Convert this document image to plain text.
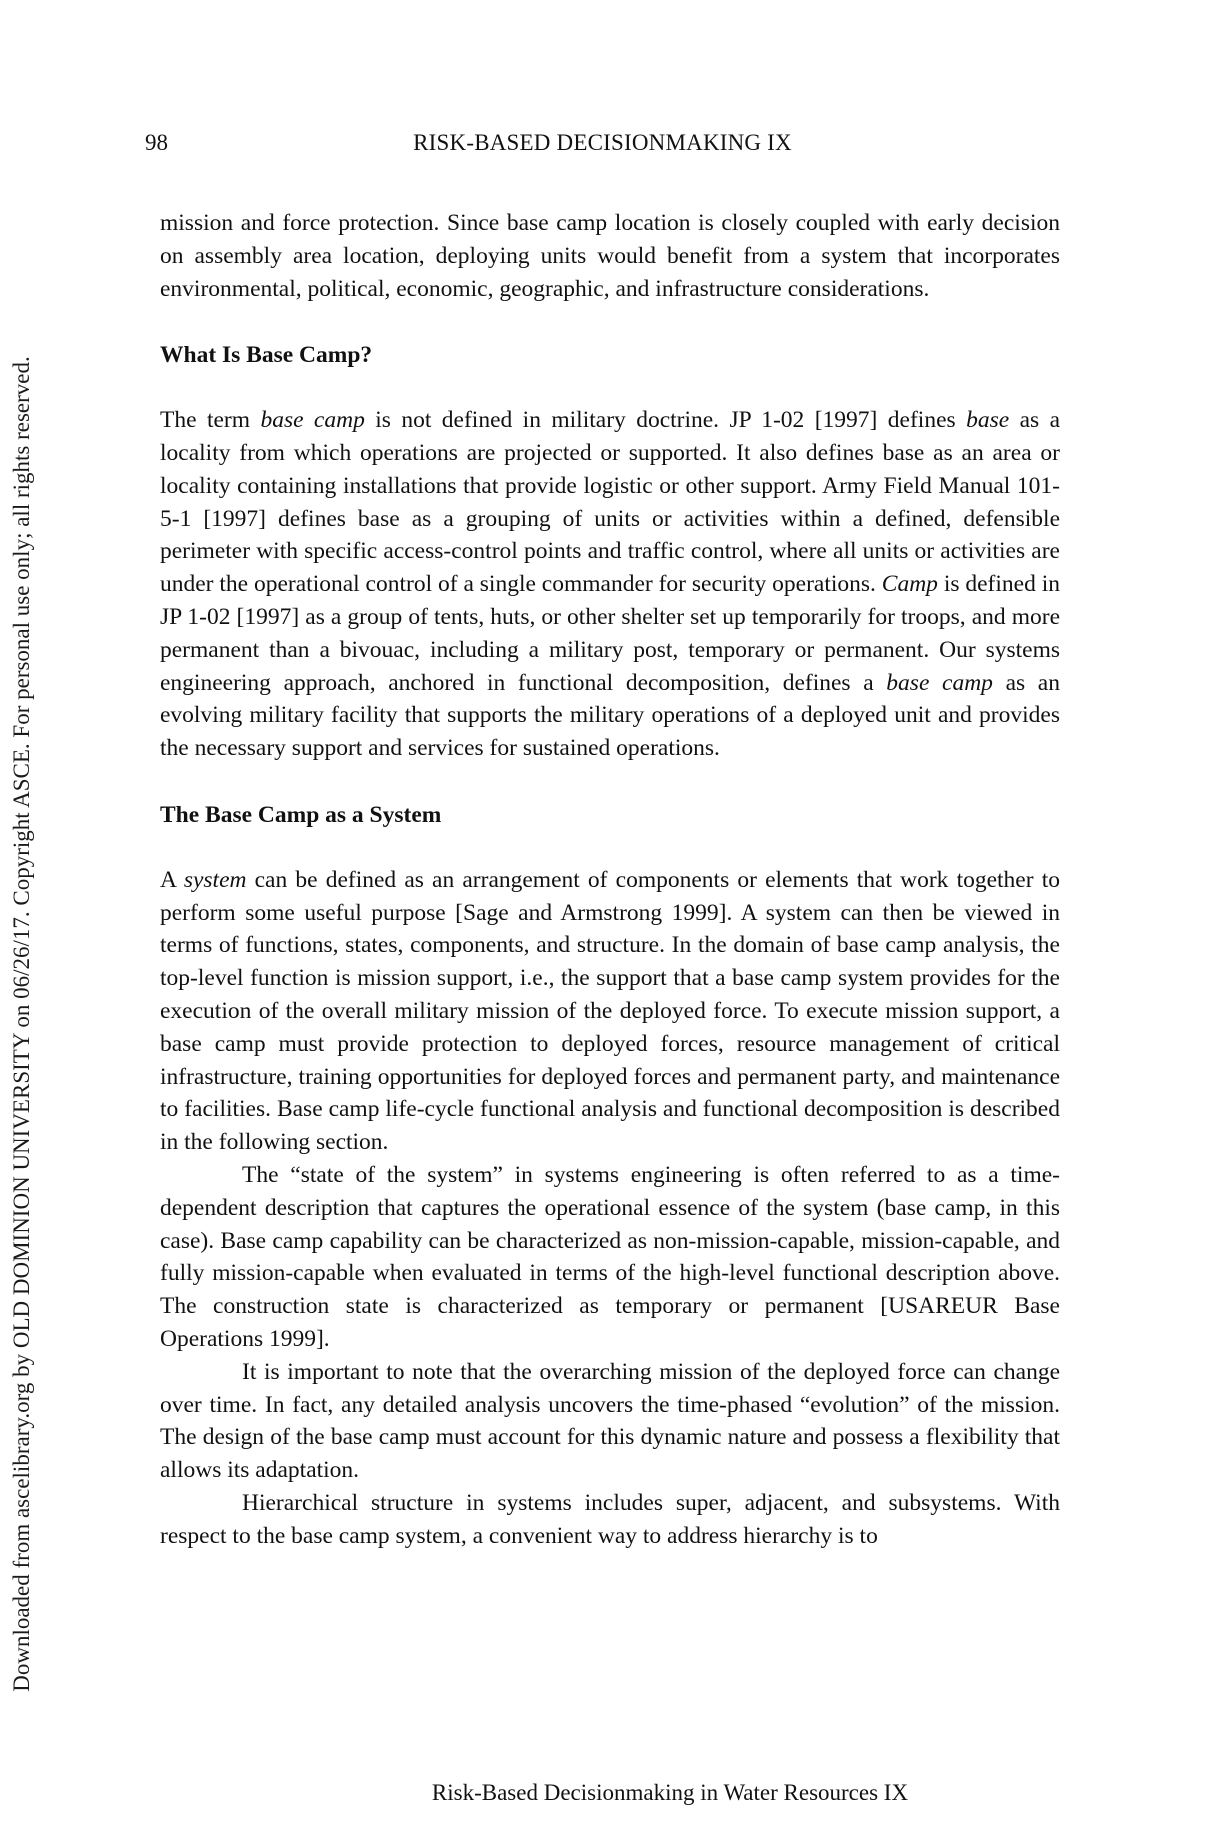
Downloaded from ascelibrary.org by OLD DOMINION UNIVERSITY on 06/26/17. Copyright ASCE. For personal use only; all rights reserved.
98	RISK-BASED DECISIONMAKING IX

mission and force protection. Since base camp location is closely coupled with early decision on assembly area location, deploying units would benefit from a system that incorporates environmental, political, economic, geographic, and infrastructure considerations.

What Is Base Camp?

The term base camp is not defined in military doctrine. JP 1-02 [1997] defines base as a locality from which operations are projected or supported. It also defines base as an area or locality containing installations that provide logistic or other support. Army Field Manual 101-5-1 [1997] defines base as a grouping of units or activities within a defined, defensible perimeter with specific access-control points and traffic control, where all units or activities are under the operational control of a single commander for security operations. Camp is defined in JP 1-02 [1997] as a group of tents, huts, or other shelter set up temporarily for troops, and more permanent than a bivouac, including a military post, temporary or permanent. Our systems engineering approach, anchored in functional decomposition, defines a base camp as an evolving military facility that supports the military operations of a deployed unit and provides the necessary support and services for sustained operations.

The Base Camp as a System

A system can be defined as an arrangement of components or elements that work together to perform some useful purpose [Sage and Armstrong 1999]. A system can then be viewed in terms of functions, states, components, and structure. In the domain of base camp analysis, the top-level function is mission support, i.e., the support that a base camp system provides for the execution of the overall military mission of the deployed force. To execute mission support, a base camp must provide protection to deployed forces, resource management of critical infrastructure, training opportunities for deployed forces and permanent party, and maintenance to facilities. Base camp life-cycle functional analysis and functional decomposition is described in the following section.

The “state of the system” in systems engineering is often referred to as a time-dependent description that captures the operational essence of the system (base camp, in this case). Base camp capability can be characterized as non-mission-capable, mission-capable, and fully mission-capable when evaluated in terms of the high-level functional description above. The construction state is characterized as temporary or permanent [USAREUR Base Operations 1999].

It is important to note that the overarching mission of the deployed force can change over time. In fact, any detailed analysis uncovers the time-phased “evolution” of the mission. The design of the base camp must account for this dynamic nature and possess a flexibility that allows its adaptation.

Hierarchical structure in systems includes super, adjacent, and subsystems. With respect to the base camp system, a convenient way to address hierarchy is to

Risk-Based Decisionmaking in Water Resources IX
